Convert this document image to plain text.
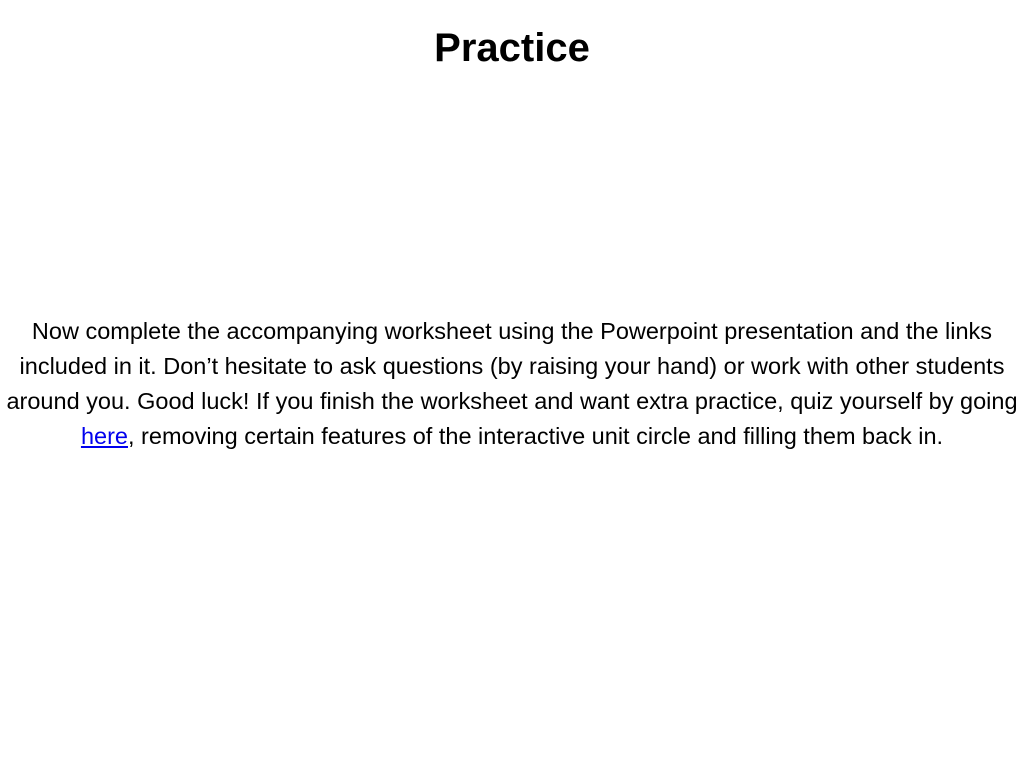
Practice

Now complete the accompanying worksheet using the Powerpoint presentation and the links included in it. Don’t hesitate to ask questions (by raising your hand) or work with other students around you. Good luck! If you finish the worksheet and want extra practice, quiz yourself by going here, removing certain features of the interactive unit circle and filling them back in.
